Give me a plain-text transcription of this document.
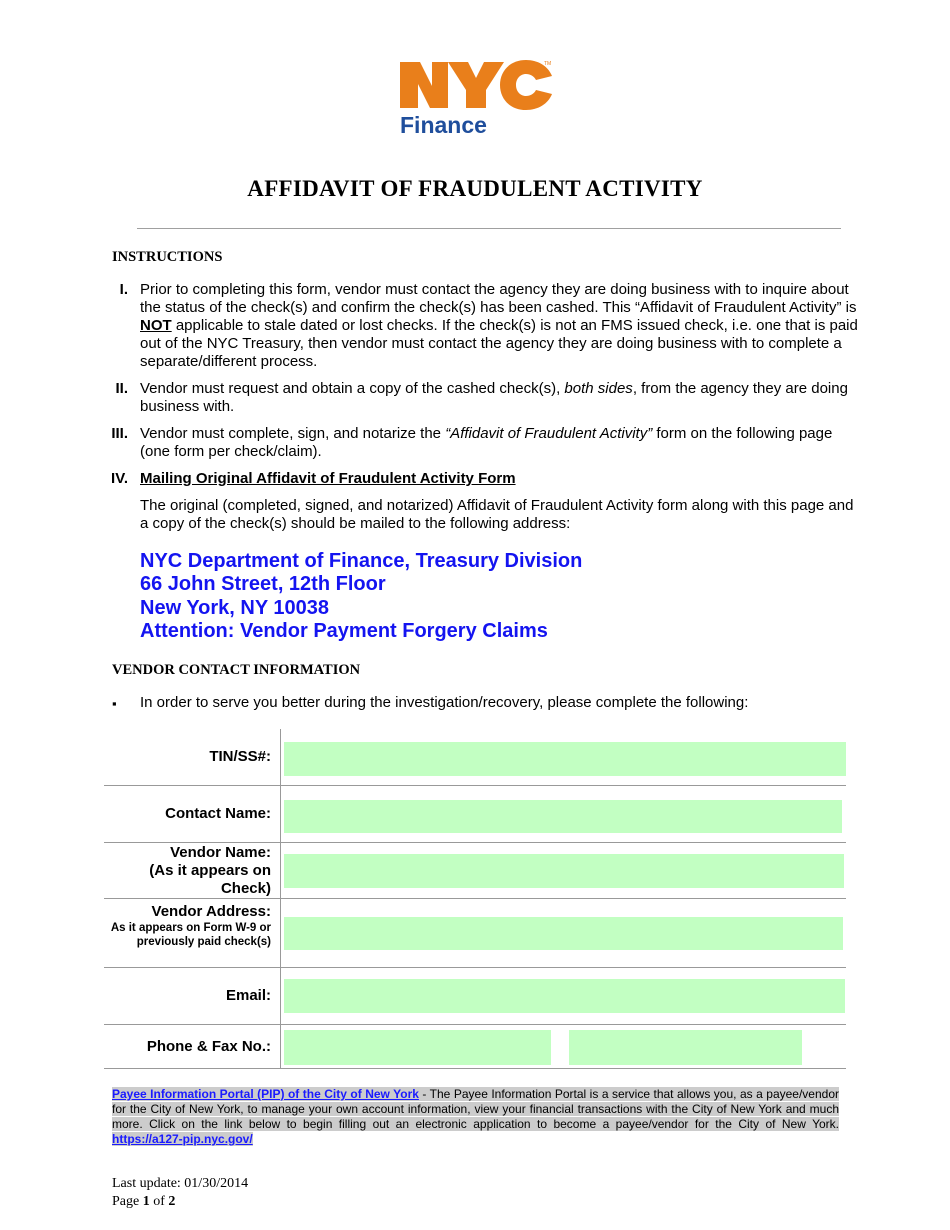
TM
Finance
AFFIDAVIT OF FRAUDULENT ACTIVITY
INSTRUCTIONS
I. Prior to completing this form, vendor must contact the agency they are doing business with to inquire about the status of the check(s) and confirm the check(s) has been cashed. This “Affidavit of Fraudulent Activity” is NOT applicable to stale dated or lost checks. If the check(s) is not an FMS issued check, i.e. one that is paid out of the NYC Treasury, then vendor must contact the agency they are doing business with to complete a separate/different process.
II. Vendor must request and obtain a copy of the cashed check(s), both sides, from the agency they are doing business with.
III. Vendor must complete, sign, and notarize the “Affidavit of Fraudulent Activity” form on the following page (one form per check/claim).
IV. Mailing Original Affidavit of Fraudulent Activity Form
The original (completed, signed, and notarized) Affidavit of Fraudulent Activity form along with this page and a copy of the check(s) should be mailed to the following address:
NYC Department of Finance, Treasury Division
66 John Street, 12th Floor
New York, NY 10038
Attention: Vendor Payment Forgery Claims
VENDOR CONTACT INFORMATION
▪ In order to serve you better during the investigation/recovery, please complete the following:
TIN/SS#:
Contact Name:
Vendor Name:
(As it appears on Check)
Vendor Address:
As it appears on Form W-9 or previously paid check(s)
Email:
Phone & Fax No.:
Payee Information Portal (PIP) of the City of New York - The Payee Information Portal is a service that allows you, as a payee/vendor for the City of New York, to manage your own account information, view your financial transactions with the City of New York and much more. Click on the link below to begin filling out an electronic application to become a payee/vendor for the City of New York. https://a127-pip.nyc.gov/
Last update: 01/30/2014
Page 1 of 2
